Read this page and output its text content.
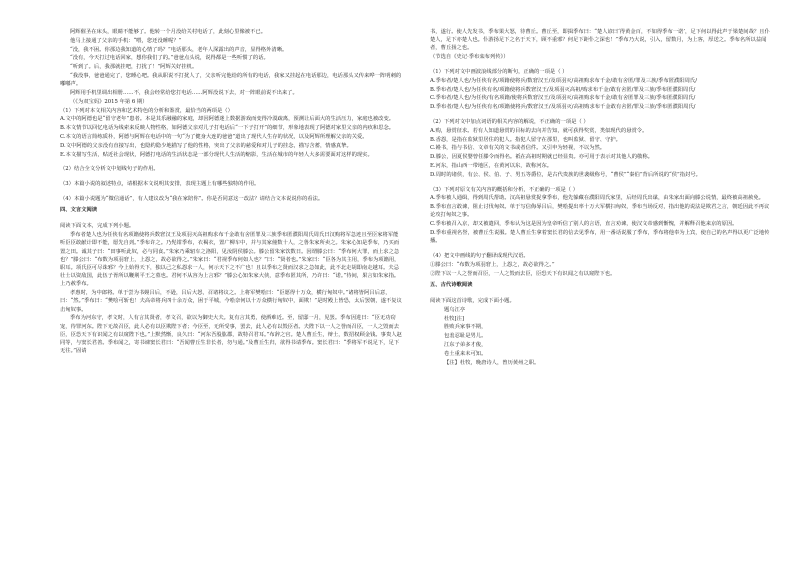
阿辉催圣在床头，眼睛不能够了。他转一个月没给关村电话了，此刻心里像被不已。

他马上接通了父亲的手机：“喂，您还没睡呢？”

“没，我不困。你那边我知道的心情了吗？”电话那头，老年人深露出的声音，显得格外清晰。

“没有，今天打过电话回家，想你我们了的。”爸爸点头说，说得都是一些听惯了的话。

“听到了。后，我那就挂吧，打扰了！”阿辉关好挂机。

“我没事，爸爸通完了，您睡心吧。我从职说不打扰人了，父亲听完他给的所有的电话，我家又挂起在电话那边，电话那头又传来哗一阵明刺的嘟嘟声。

阿辉用手机里调出相册……不，我会经常给您打电话……阿辉没说下去，对一阵眼前说不出来了。

（《为双宝妈》2015 年第 6 期）

（1）下列对本文相关内容和艺术特色的分析和鉴赏，最恰当的两项是（）

A.文中的阿德也是“留守老年”患者。本是其乐融融的家庭，却因阿德迷上数据游戏而变得冷漠疏离，预测让后面大的生活压力，家庭也被改变。

B.本文情节以回忆电话为线索来反映人物性格，如阿德父亲对儿子打电话后“一下子打开”的细节，形象地表现了阿德对家里父亲的内疚和思念。

C.本文的语言简练质朴，阿德与阿辉在电话中的一句“为了健身大连的爸爸”道出了现代人生存的状况，以及阿辉所理解父亲的关爱。

D.文中阿德的父亲没有直接写出，也隐约隐少地描写了他的性格，突出了父亲的慈爱和对儿子的挂念，描写含蓄，情感真挚。

E.本文描写生活，贴近社会现状，阿德打电话的生活状态是一部分现代人生活的缩影，生活在城市的年轻人大多需要面对这样的现实。

（2）结合全文分析文中划线句子的作用。

（3）本篇小说的叙述特点，请根据本文说明其安排，表现主题上有哪些独特的作用。

（4）本篇小说题为“微信通话”，有人建议改为“我在家陪你”。你是否同意这一改法？请结合文本说说你的看法。

四、文言文阅读

阅读下面文本，完成下列小题。

季布者楚人也为任侠有名项籍使将兵数窘汉王及项羽灭高祖购求布千金敢有舍匿罪及三族季布匿濮阳周氏周氏曰汉购将军急迹且至臣家将军能听臣臣敢献计即不能，愿先自刭。”季布许之。乃髡钳季布，衣褐衣，置广柳车中，并与其家僮数十人，之鲁朱家所卖之。朱家心知是季布，乃买而置之田。诚其子曰：“田事听此奴，必与同食。”朱家乃乘轺车之洛阳，见汝阴侯滕公。滕公留朱家饮数日。因谓滕公曰：“季布何大罪，而上求之急也？”滕公曰：“布数为项羽窘上，上怨之，故必欲得之。”朱家曰：“君视季布何如人也？”曰：“贤者也。”朱家曰：“臣各为其主用，季布为项籍用，职耳。项氏臣可尽诛邪？今上始得天下，独以己之私怨求一人，何示天下之不广也！且以季布之贤而汉求之急如此，此不北走胡即南走越耳。夫忌壮士以资敌国，此伍子胥所以鞭荆平王之墓也。君何不从容为上言邪？”滕公心知朱家大侠，意季布匿其所，乃许曰：“诺。”待间，果言如朱家指。上乃赦季布。

孝惠时，为中郎将。单于尝为书嫚吕后，不逊，吕后大怒，召诸将议之。上将军樊哙曰：“臣愿得十万众，横行匈奴中。”诸将皆阿吕后意，曰：“然。”季布曰：“樊哙可斩也！夫高帝将兵四十余万众，困于平城，今哙奈何以十万众横行匈奴中，面欺！”是时殿上皆恐，太后罢朝，遂不复议击匈奴事。

季布为河东守，孝文时，人有言其贤者，孝文召，欲以为御史大夫。复有言其勇，使酒难近。至，留邸一月，见罢。季布因进曰：“臣无功窃宠，待罪河东。陛下无故召臣，此人必有以臣欺陛下者；今臣至，无所受事，罢去，此人必有以毁臣者。夫陛下以一人之誉而召臣，一人之毁而去臣，臣恐天下有识闻之有以窥陛下也。”上默然惭，良久曰：“河东吾股肱郡，故特召君耳。”布辞之官。楚人曹丘生，辩士，数招权顾金钱。事贵人赵同等，与窦长君善。季布闻之，寄书谏窦长君曰：“吾闻曹丘生非长者，勿与通。”及曹丘生归，欲得书请季布。窦长君曰：“季将军不说足下，足下无往。”固请

书，遂行。使人先发书，季布果大怒，待曹丘。曹丘至，即揖季布曰：“楚人谚曰‘得黄金百，不如得季布一诺’，足下何以得此声于梁楚间哉？且仆楚人，足下亦楚人也。仆游扬足下之名于天下，顾不重邪？何足下距仆之深也！”季布乃大说，引入，留数月，为上客，厚送之。季布名所以益闻者，曹丘扬之也。

（节选自《史记·季布栾布列传》）

（1）下列对文中画波浪线部分的断句，正确的一项是（ ）

A.季布者/楚人也/为任侠有名/项籍使将兵/数窘汉王/及项羽灭/高祖购求布千金/敢有舍匿/罪及三族/季布匿濮阳周氏/

B.季布者/楚人也/为任侠有名/项籍使将兵数窘汉王/及项羽灭高祖/购求布千金/敢有舍匿/罪及三族/季布匿濮阳周氏/

C.季布者/楚人也/为任侠/有名项籍/使将兵数窘汉王/及项羽灭/高祖购求布千金/敢有舍匿罪及三族/季布匿濮阳周氏/

D.季布者/楚人也/为任侠有名/项籍使将兵/数窘汉王/及项羽灭/高祖购求布千金敢有舍匿/罪及三族/季布匿濮阳周氏/

（2）下列对文中加点词语的相关内容的解说，不正确的一项是（ ）

A.购，悬赏征求。若有人知道悬赏的目标的去向并告知，就可获得奖赏，类似现代的悬赏令。

B.香怨，是指在监狱里居住的犯人。指犯人留守在那里，也叫监狱、留守、守护。

C.嫚书，指与书信、文章有关的文书或者信件。又引申为轻视，不以为然。

D.滕公，因夏侯婴曾任滕令而得名。祇在高祖时期就已经显贵。亦可用于表示对其他人的敬称。

E.河东，指山西一带地区，在黄河以东，故称河东。

D.周时的诸侯，有公、侯、伯、子、男五等爵位，是古代贵族的世袭级称号，“曹侯”“秦伯”背后所说的“侯”指封号。

（3）下列对原文有关内容的概括和分析，不正确的一项是（ ）

A.季布被人通缉，得到周氏帮助。汉高祖悬赏捉拿季布，他先躲藏在濮阳周氏家里，后经周氏出谋，由朱家出面向滕公说情，最终被高祖赦免。

B.季布直言敢谏，阻止讨伐匈奴。单于写信侮辱吕后，樊哙提出率十万大军横扫匈奴，季布当场反对，指出他的说法是欺君之言，朝廷因此不再议论攻打匈奴之事。

C.季布被召入京，却又被遣回，季布认为这是因为皇帝听信了别人的言语，直言劝谏，使汉文帝感到惭愧，并解释召他来京的原因。

D.季布重视名誉，被曹丘生说服。楚人曹丘生拿着窦长君的信去见季布，用一番话说服了季布，季布将他奉为上宾，使自己的名声得以更广泛地传播。

（4）把文中画线的句子翻译成现代汉语。

①滕公曰：“布数为项羽窘上，上怨之，故必欲得之。”

②陛下以一人之誉而召臣，一人之毁而去臣，臣恐天下有识闻之有以窥陛下也。

五、古代诗歌阅读

阅读下面这首诗歌，完成下面小题。

题乌江亭

杜牧[注]

胜败兵家事不期，

包羞忍耻是男儿。

江东子弟多才俊，

卷土重来未可知。

【注】杜牧，晚唐诗人，曾历黄州之职。
